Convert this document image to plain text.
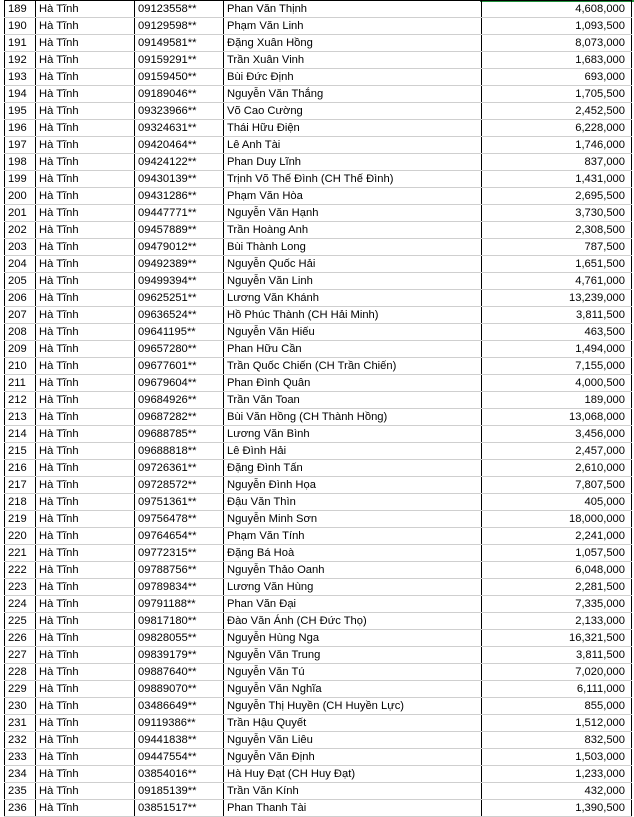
189	Hà Tĩnh	09123558**	Phan Văn Thịnh	4,608,000
190	Hà Tĩnh	09129598**	Phạm Văn Linh	1,093,500
191	Hà Tĩnh	09149581**	Đặng Xuân Hồng	8,073,000
192	Hà Tĩnh	09159291**	Trần Xuân Vinh	1,683,000
193	Hà Tĩnh	09159450**	Bùi Đức Định	693,000
194	Hà Tĩnh	09189046**	Nguyễn Văn Thắng	1,705,500
195	Hà Tĩnh	09323966**	Võ Cao Cường	2,452,500
196	Hà Tĩnh	09324631**	Thái Hữu Điện	6,228,000
197	Hà Tĩnh	09420464**	Lê Anh Tài	1,746,000
198	Hà Tĩnh	09424122**	Phan Duy Lĩnh	837,000
199	Hà Tĩnh	09430139**	Trịnh Võ Thế Đình (CH Thế Đình)	1,431,000
200	Hà Tĩnh	09431286**	Phạm Văn Hòa	2,695,500
201	Hà Tĩnh	09447771**	Nguyễn Văn Hạnh	3,730,500
202	Hà Tĩnh	09457889**	Trần Hoàng Anh	2,308,500
203	Hà Tĩnh	09479012**	Bùi Thành Long	787,500
204	Hà Tĩnh	09492389**	Nguyễn Quốc Hải	1,651,500
205	Hà Tĩnh	09499394**	Nguyễn Văn Linh	4,761,000
206	Hà Tĩnh	09625251**	Lương Văn Khánh	13,239,000
207	Hà Tĩnh	09636524**	Hồ Phúc Thành (CH Hải Minh)	3,811,500
208	Hà Tĩnh	09641195**	Nguyễn Văn Hiếu	463,500
209	Hà Tĩnh	09657280**	Phan Hữu Cần	1,494,000
210	Hà Tĩnh	09677601**	Trần Quốc Chiến (CH Trần Chiến)	7,155,000
211	Hà Tĩnh	09679604**	Phan Đình Quân	4,000,500
212	Hà Tĩnh	09684926**	Trần Văn Toan	189,000
213	Hà Tĩnh	09687282**	Bùi Văn Hồng (CH Thành Hồng)	13,068,000
214	Hà Tĩnh	09688785**	Lương Văn Bình	3,456,000
215	Hà Tĩnh	09688818**	Lê Đình Hải	2,457,000
216	Hà Tĩnh	09726361**	Đặng Đình Tấn	2,610,000
217	Hà Tĩnh	09728572**	Nguyễn Đình Họa	7,807,500
218	Hà Tĩnh	09751361**	Đậu Văn Thìn	405,000
219	Hà Tĩnh	09756478**	Nguyễn Minh Sơn	18,000,000
220	Hà Tĩnh	09764654**	Phạm Văn Tính	2,241,000
221	Hà Tĩnh	09772315**	Đặng Bá Hoà	1,057,500
222	Hà Tĩnh	09788756**	Nguyễn Thảo Oanh	6,048,000
223	Hà Tĩnh	09789834**	Lương Văn Hùng	2,281,500
224	Hà Tĩnh	09791188**	Phan Văn Đại	7,335,000
225	Hà Tĩnh	09817180**	Đào Văn Ánh (CH Đức Thọ)	2,133,000
226	Hà Tĩnh	09828055**	Nguyễn Hùng Nga	16,321,500
227	Hà Tĩnh	09839179**	Nguyễn Văn Trung	3,811,500
228	Hà Tĩnh	09887640**	Nguyễn Văn Tú	7,020,000
229	Hà Tĩnh	09889070**	Nguyễn Văn Nghĩa	6,111,000
230	Hà Tĩnh	03486649**	Nguyễn Thị Huyền (CH Huyền Lực)	855,000
231	Hà Tĩnh	09119386**	Trần Hậu Quyết	1,512,000
232	Hà Tĩnh	09441838**	Nguyễn Văn Liêu	832,500
233	Hà Tĩnh	09447554**	Nguyễn Văn Định	1,503,000
234	Hà Tĩnh	03854016**	Hà Huy Đạt (CH Huy Đạt)	1,233,000
235	Hà Tĩnh	09185139**	Trần Văn Kính	432,000
236	Hà Tĩnh	03851517**	Phan Thanh Tài	1,390,500
